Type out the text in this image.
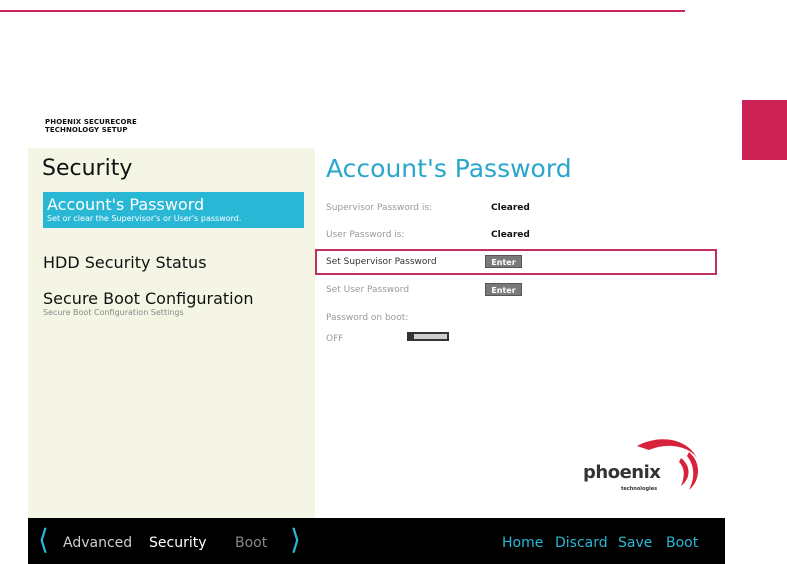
PHOENIX SECURECORE
TECHNOLOGY SETUP
Security
Account's Password
Set or clear the Supervisor's or User's password.
HDD Security Status
Secure Boot Configuration
Secure Boot Configuration Settings
Account's Password
Supervisor Password is:	Cleared
User Password is:	Cleared
Set Supervisor Password	Enter
Set User Password	Enter
Password on boot:
OFF
phoenix
technologies
⟨ Advanced Security Boot ⟩	Home Discard Save Boot
